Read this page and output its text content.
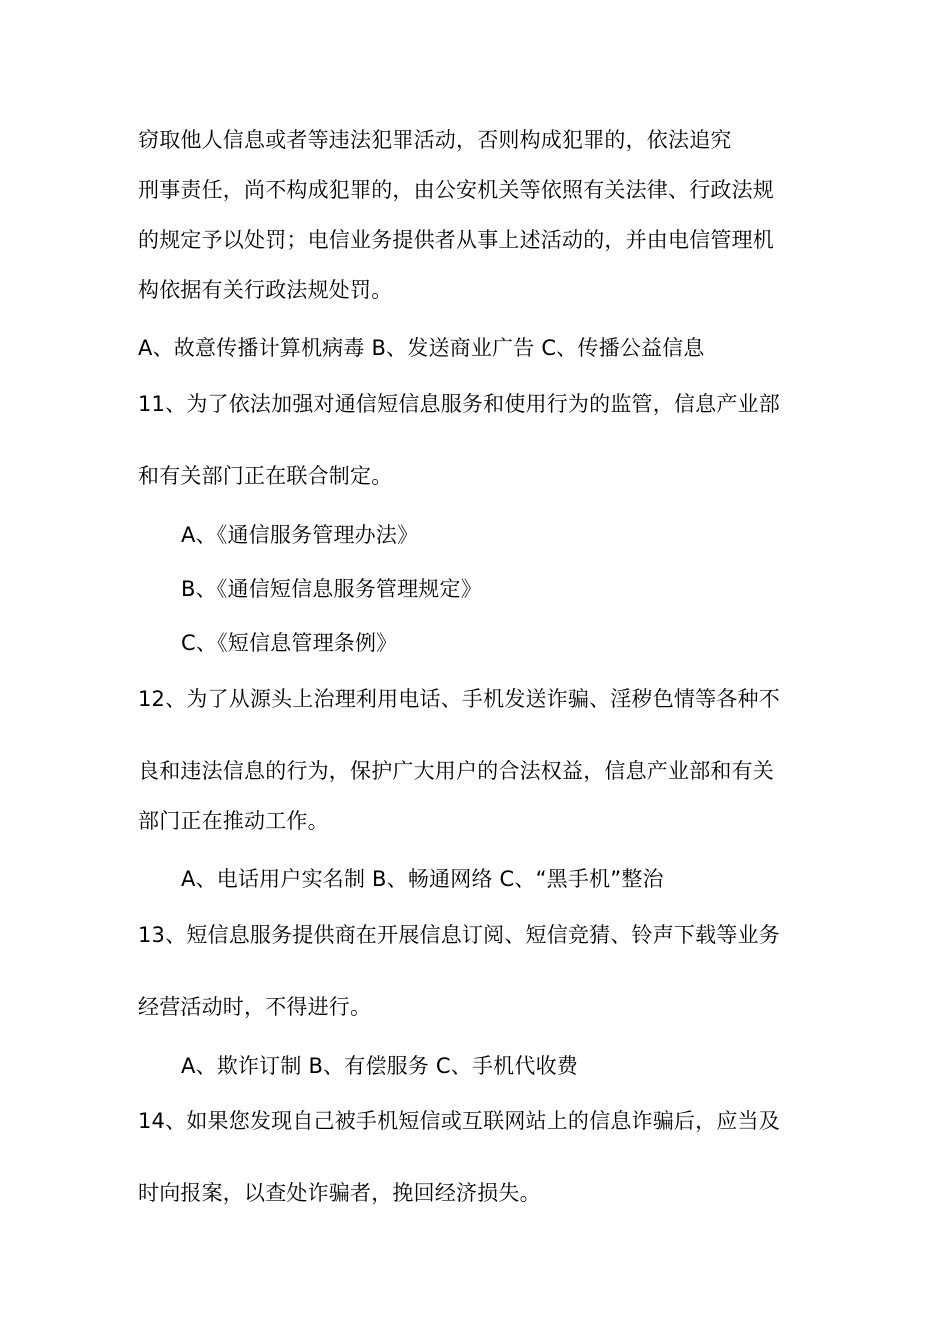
窃取他人信息或者等违法犯罪活动，否则构成犯罪的，依法追究
刑事责任，尚不构成犯罪的，由公安机关等依照有关法律、行政法规
的规定予以处罚；电信业务提供者从事上述活动的，并由电信管理机
构依据有关行政法规处罚。
A、故意传播计算机病毒 B、发送商业广告 C、传播公益信息
11、为了依法加强对通信短信息服务和使用行为的监管，信息产业部
和有关部门正在联合制定。
A、《通信服务管理办法》
B、《通信短信息服务管理规定》
C、《短信息管理条例》
12、为了从源头上治理利用电话、手机发送诈骗、淫秽色情等各种不
良和违法信息的行为，保护广大用户的合法权益，信息产业部和有关
部门正在推动工作。
A、电话用户实名制 B、畅通网络 C、“黑手机”整治
13、短信息服务提供商在开展信息订阅、短信竞猜、铃声下载等业务
经营活动时，不得进行。
A、欺诈订制 B、有偿服务 C、手机代收费
14、如果您发现自己被手机短信或互联网站上的信息诈骗后，应当及
时向报案，以查处诈骗者，挽回经济损失。
